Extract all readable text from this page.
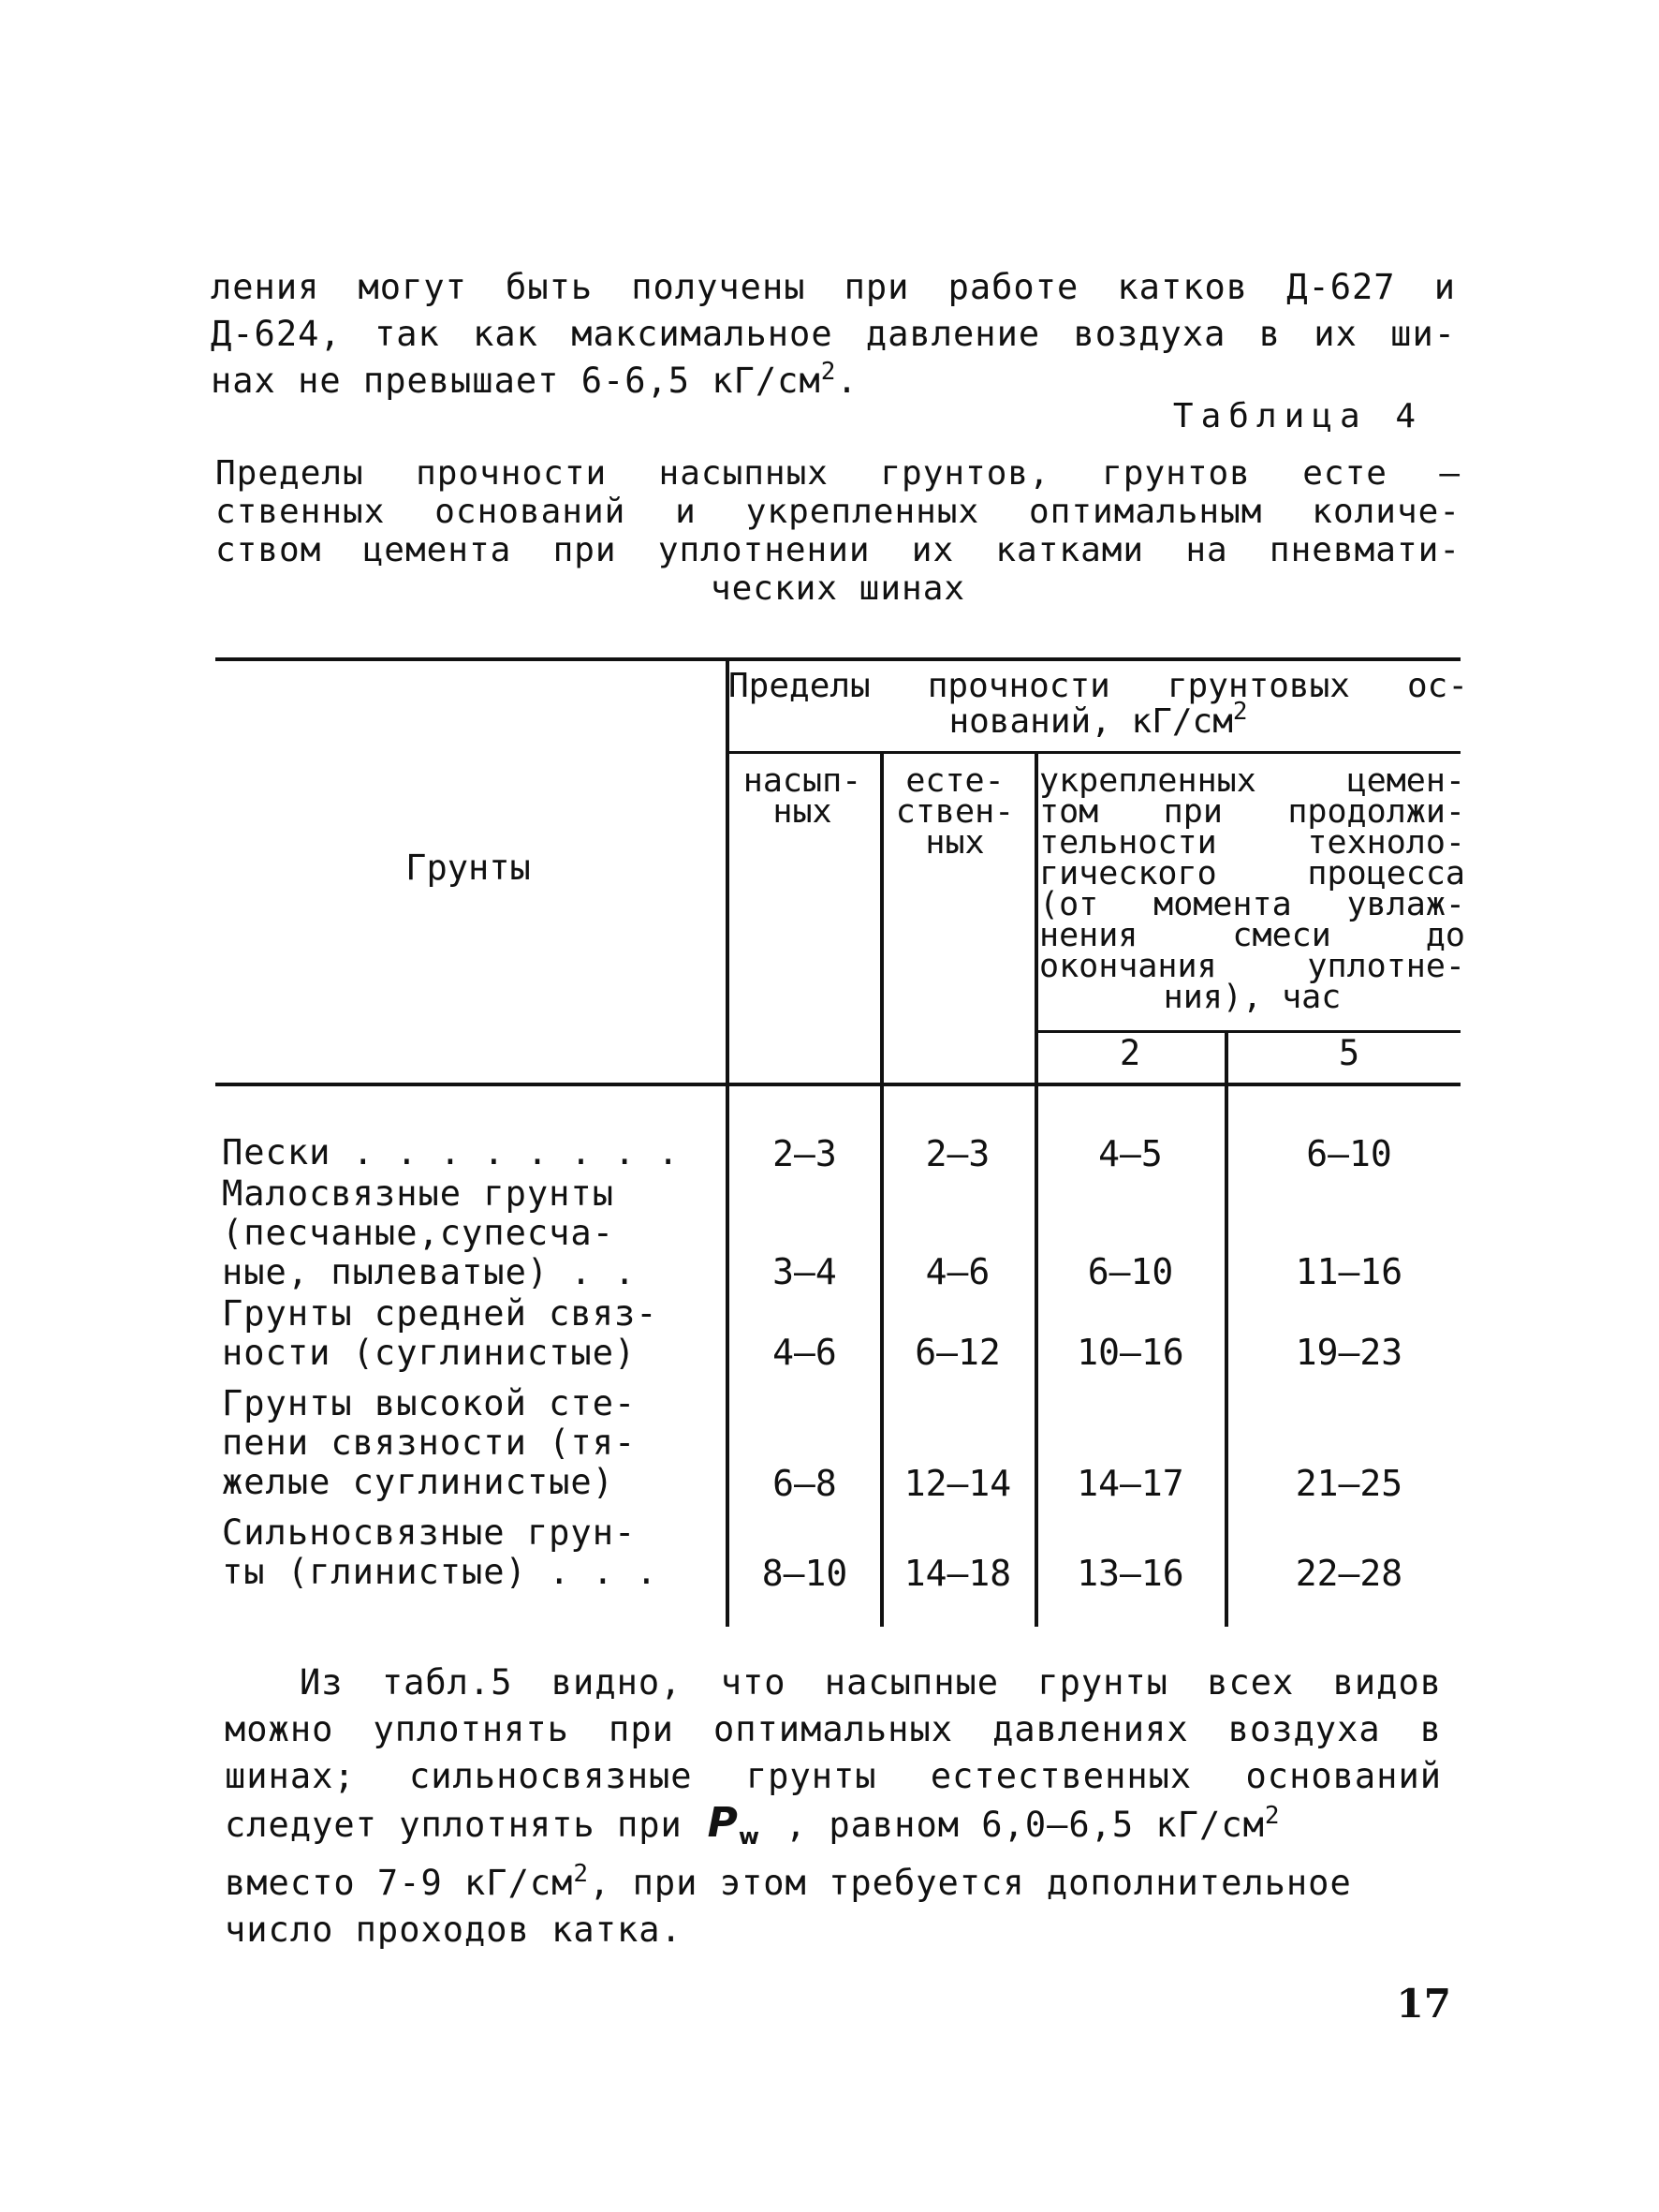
ления могут быть получены при работе катков Д-627 и
Д-624, так как максимальное давление воздуха в их ши-
нах не превышает 6-6,5 $кГ/см^2$.
Таблица 4
Пределы прочности насыпных грунтов, грунтов есте –
ственных оснований и укрепленных оптимальным количе-
ством цемента при уплотнении их катками на пневмати-
ческих шинах
Пределы прочности грунтовых ос-
нований, $кГ/см^2$
Грунты
насып-
ных
есте-
ствен-
ных
укрепленных цемен-
том при продолжи-
тельности техноло-
гического процесса
(от момента увлаж-
нения смеси до
окончания уплотне-
ния), час
2	5
Пески . . . . . . . .	2–3	2–3	4–5	6–10
Малосвязные грунты
(песчаные,супесча-
ные, пылеватые) . .	3–4	4–6	6–10	11–16
Грунты средней связ-
ности (суглинистые)	4–6	6–12	10–16	19–23
Грунты высокой сте-
пени связности (тя-
желые суглинистые)	6–8	12–14	14–17	21–25
Сильносвязные грун-
ты (глинистые) . . .	8–10	14–18	13–16	22–28
Из табл.5 видно, что насыпные грунты всех видов
можно уплотнять при оптимальных давлениях воздуха в
шинах; сильносвязные грунты естественных оснований
следует уплотнять при $P_w$ , равном 6,0–6,5 $кГ/см^2$
вместо 7-9 $кГ/см^2$, при этом требуется дополнительное
число проходов катка.
17
